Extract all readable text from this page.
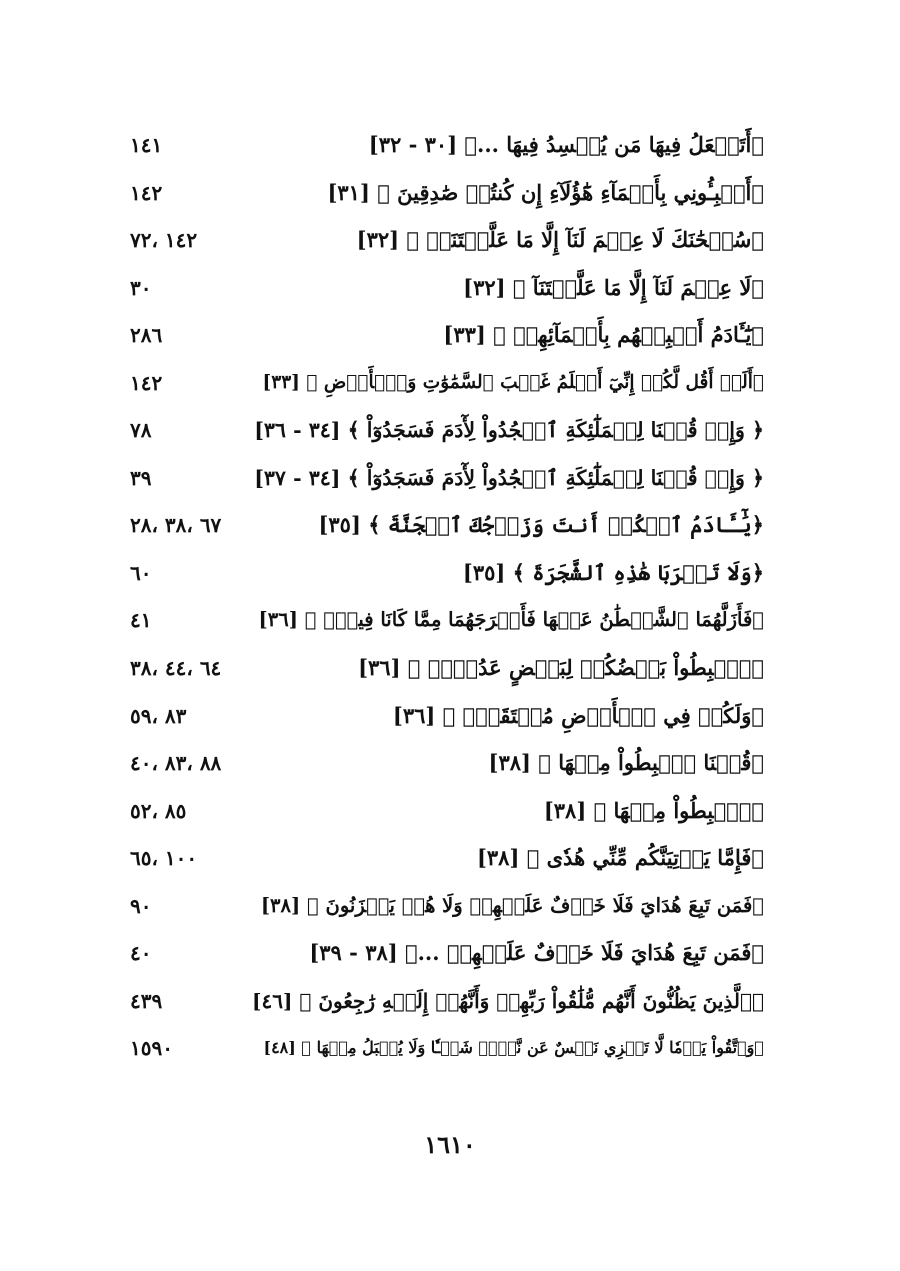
﴿أَتَجۡعَلُ فِيهَا مَن يُفۡسِدُ فِيهَا ...﴾ [٣٠ - ٣٢]
١٤١
﴿أَنۢبِـُٔونِي بِأَسۡمَآءِ هَٰٓؤُلَآءِ إِن كُنتُمۡ صَٰدِقِينَ ﴾ [٣١]
١٤٢
﴿سُبۡحَٰنَكَ لَا عِلۡمَ لَنَآ إِلَّا مَا عَلَّمۡتَنَآۖ ﴾ [٣٢]
١٤٢ ،٧٢
﴿لَا عِلۡمَ لَنَآ إِلَّا مَا عَلَّمۡتَنَآ ﴾ [٣٢]
٣٠
﴿يَٰٓـَٔادَمُ أَنۢبِئۡهُم بِأَسۡمَآئِهِمۡ ﴾ [٣٣]
٢٨٦
﴿أَلَمۡ أَقُل لَّكُمۡ إِنِّيٓ أَعۡلَمُ غَيۡبَ ٱلسَّمَٰوَٰتِ وَٱلۡأَرۡضِ ﴾ [٣٣]
١٤٢
﴿ وَإِذۡ قُلۡنَا لِلۡمَلَٰٓئِكَةِ ٱسۡجُدُواْ لِأٓدَمَ فَسَجَدُوٓاْ ﴾ [٣٤ - ٣٦]
٧٨
﴿ وَإِذۡ قُلۡنَا لِلۡمَلَٰٓئِكَةِ ٱسۡجُدُواْ لِأٓدَمَ فَسَجَدُوٓاْ ﴾ [٣٤ - ٣٧]
٣٩
﴿يَٰٓـَٔادَمُ ٱسۡكُنۡ أَنتَ وَزَوۡجُكَ ٱلۡجَنَّةَ ﴾ [٣٥]
٦٧ ،٣٨ ،٢٨
﴿وَلَا تَقۡرَبَا هَٰذِهِ ٱلشَّجَرَةَ ﴾ [٣٥]
٦٠
﴿فَأَزَلَّهُمَا ٱلشَّيۡطَٰنُ عَنۡهَا فَأَخۡرَجَهُمَا مِمَّا كَانَا فِيهِۖ ﴾ [٣٦]
٤١
﴿ٱهۡبِطُواْ بَعۡضُكُمۡ لِبَعۡضٍ عَدُوّٞۖ ﴾ [٣٦]
٦٤ ،٤٤ ،٣٨
﴿وَلَكُمۡ فِي ٱلۡأَرۡضِ مُسۡتَقَرّٞ ﴾ [٣٦]
٨٣ ،٥٩
﴿قُلۡنَا ٱهۡبِطُواْ مِنۡهَا ﴾ [٣٨]
٨٨ ،٨٣ ،٤٠
﴿ٱهۡبِطُواْ مِنۡهَا ﴾ [٣٨]
٨٥ ،٥٢
﴿فَإِمَّا يَأۡتِيَنَّكُم مِّنِّي هُدٗى ﴾ [٣٨]
١٠٠ ،٦٥
﴿فَمَن تَبِعَ هُدَايَ فَلَا خَوۡفٌ عَلَيۡهِمۡ وَلَا هُمۡ يَحۡزَنُونَ ﴾ [٣٨]
٩٠
﴿فَمَن تَبِعَ هُدَايَ فَلَا خَوۡفٌ عَلَيۡهِمۡ ...﴾ [٣٨ - ٣٩]
٤٠
﴿ٱلَّذِينَ يَظُنُّونَ أَنَّهُم مُّلَٰقُواْ رَبِّهِمۡ وَأَنَّهُمۡ إِلَيۡهِ رَٰجِعُونَ ﴾ [٤٦]
٤٣٩
﴿وَٱتَّقُواْ يَوۡمٗا لَّا تَجۡزِي نَفۡسٌ عَن نَّفۡسٖ شَيۡـٔٗا وَلَا يُقۡبَلُ مِنۡهَا ﴾ [٤٨]
١٥٩٠
١٦١٠
